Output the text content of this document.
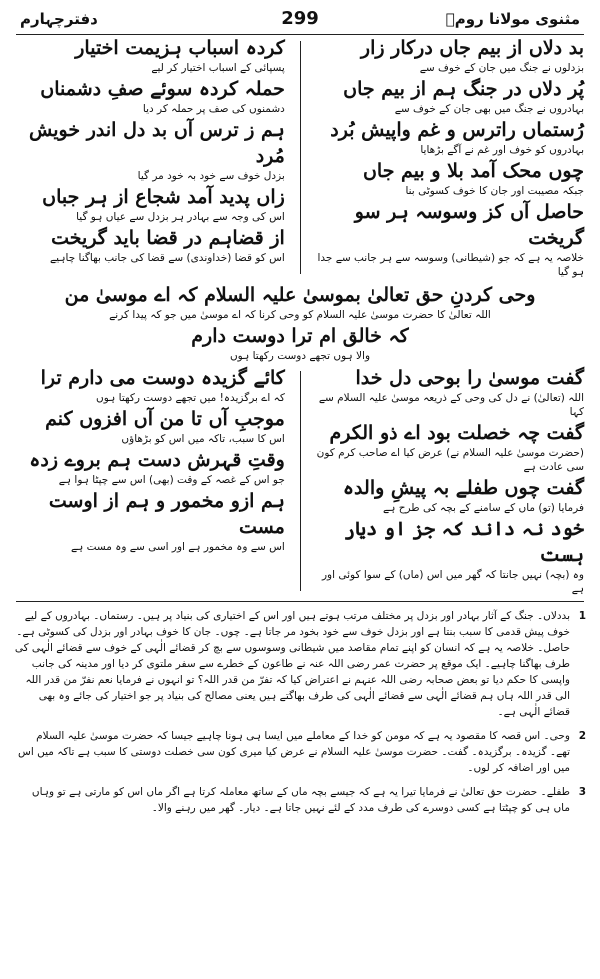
مثنوی مولانا رومؒ
299
دفترچہارم

بد دلاں از بیم جاں درکار زار

بزدلوں نے جنگ میں جان کے خوف سے

پُر دلاں در جنگ ہم از بیم جاں

بہادروں نے جنگ میں بھی جان کے خوف سے

رُستماں راترس و غم واپیش بُرد

بہادروں کو خوف اور غم نے آگے بڑھایا

چوں محک آمد بلا و بیم جاں

جبکہ مصیبت اور جان کا خوف کسوٹی بنا

حاصل آں کز وسوسہ ہر سو گریخت

خلاصہ یہ ہے کہ جو (شیطانی) وسوسہ سے ہر جانب سے جدا ہو گیا

کردہ اسباب ہزیمت اختیار

پسپائی کے اسباب اختیار کر لیے

حملہ کردہ سوئے صفِ دشمناں

دشمنوں کی صف پر حملہ کر دیا

ہم ز ترس آں بد دل اندر خویش مُرد

بزدل خوف سے خود بہ خود مر گیا

زاں پدید آمد شجاع از ہر جباں

اس کی وجہ سے بہادر ہر بزدل سے عیاں ہو گیا

از قضاہم در قضا باید گریخت

اس کو قضا (خداوندی) سے قضا کی جانب بھاگنا چاہیے

وحی کردنِ حق تعالیٰ بموسیٰ علیہ السلام کہ اے موسیٰ من

اللہ تعالیٰ کا حضرت موسیٰ علیہ السلام کو وحی کرنا کہ اے موسیٰ میں جو کہ پیدا کرنے

کہ خالق ام ترا دوست دارم

والا ہوں تجھے دوست رکھتا ہوں

گفت موسیٰ را بوحی دل خدا

اللہ (تعالیٰ) نے دل کی وحی کے ذریعہ موسیٰ علیہ السلام سے کہا

گفت چہ خصلت بود اے ذو الکرم

(حضرت موسیٰ علیہ السلام نے) عرض کیا اے صاحب کرم کون سی عادت ہے

گفت چوں طفلے بہ پیشِ والدہ

فرمایا (تو) ماں کے سامنے کے بچہ کی طرح ہے

خود نہ داند کہ جز او دیار ہست

وہ (بچہ) نہیں جانتا کہ گھر میں اس (ماں) کے سوا کوئی اور ہے

کائے گزیدہ دوست می دارم ترا

کہ اے برگزیدہ! میں تجھے دوست رکھتا ہوں

موجبِ آں تا من آں افزوں کنم

اس کا سبب، تاکہ میں اس کو بڑھاؤں

وقتِ قہرش دست ہم بروے زدہ

جو اس کے غصہ کے وقت (بھی) اس سے چپٹا ہوا ہے

ہم ازو مخمور و ہم از اوست مست

اس سے وہ مخمور ہے اور اسی سے وہ مست ہے

1
بددلاں۔ جنگ کے آثار بہادر اور بزدل پر مختلف مرتب ہوتے ہیں اور اس کے اختیاری کی بنیاد پر ہیں۔ رستماں۔ بہادروں کے لیے خوف پیش قدمی کا سبب بنتا ہے اور بزدل خوف سے خود بخود مر جاتا ہے۔ چوں۔ جان کا خوف بہادر اور بزدل کی کسوٹی ہے۔ حاصل۔ خلاصہ یہ ہے کہ انسان کو اپنے تمام مقاصد میں شیطانی وسوسوں سے بچ کر قضائے الٰہی کے خوف سے قضائے الٰہی کی طرف بھاگنا چاہیے۔ ایک موقع پر حضرت عمر رضی اللہ عنہ نے طاعون کے خطرے سے سفر ملتوی کر دیا اور مدینہ کی جانب واپسی کا حکم دیا تو بعض صحابہ رضی اللہ عنہم نے اعتراض کیا کہ تفرّ من قدر اللہ؟ تو انہوں نے فرمایا نعم نفرّ من قدر اللہ الی قدر اللہ ہاں ہم قضائے الٰہی سے قضائے الٰہی کی طرف بھاگتے ہیں یعنی مصالح کی بنیاد پر جو اختیار کی جائے وہ بھی قضائے الٰہی ہے۔
2
وحی۔ اس قصہ کا مقصود یہ ہے کہ مومن کو خدا کے معاملے میں ایسا ہی ہونا چاہیے جیسا کہ حضرت موسیٰ علیہ السلام تھے۔ گزیدہ۔ برگزیدہ۔ گفت۔ حضرت موسیٰ علیہ السلام نے عرض کیا میری کون سی خصلت دوستی کا سبب ہے تاکہ میں اس میں اور اضافہ کر لوں۔
3
طفلے۔ حضرت حق تعالیٰ نے فرمایا تیرا یہ ہے کہ جیسے بچہ ماں کے ساتھ معاملہ کرتا ہے اگر ماں اس کو مارتی ہے تو وہاں ماں ہی کو چپٹتا ہے کسی دوسرے کی طرف مدد کے لئے نہیں جاتا ہے۔ دیار۔ گھر میں رہنے والا۔
